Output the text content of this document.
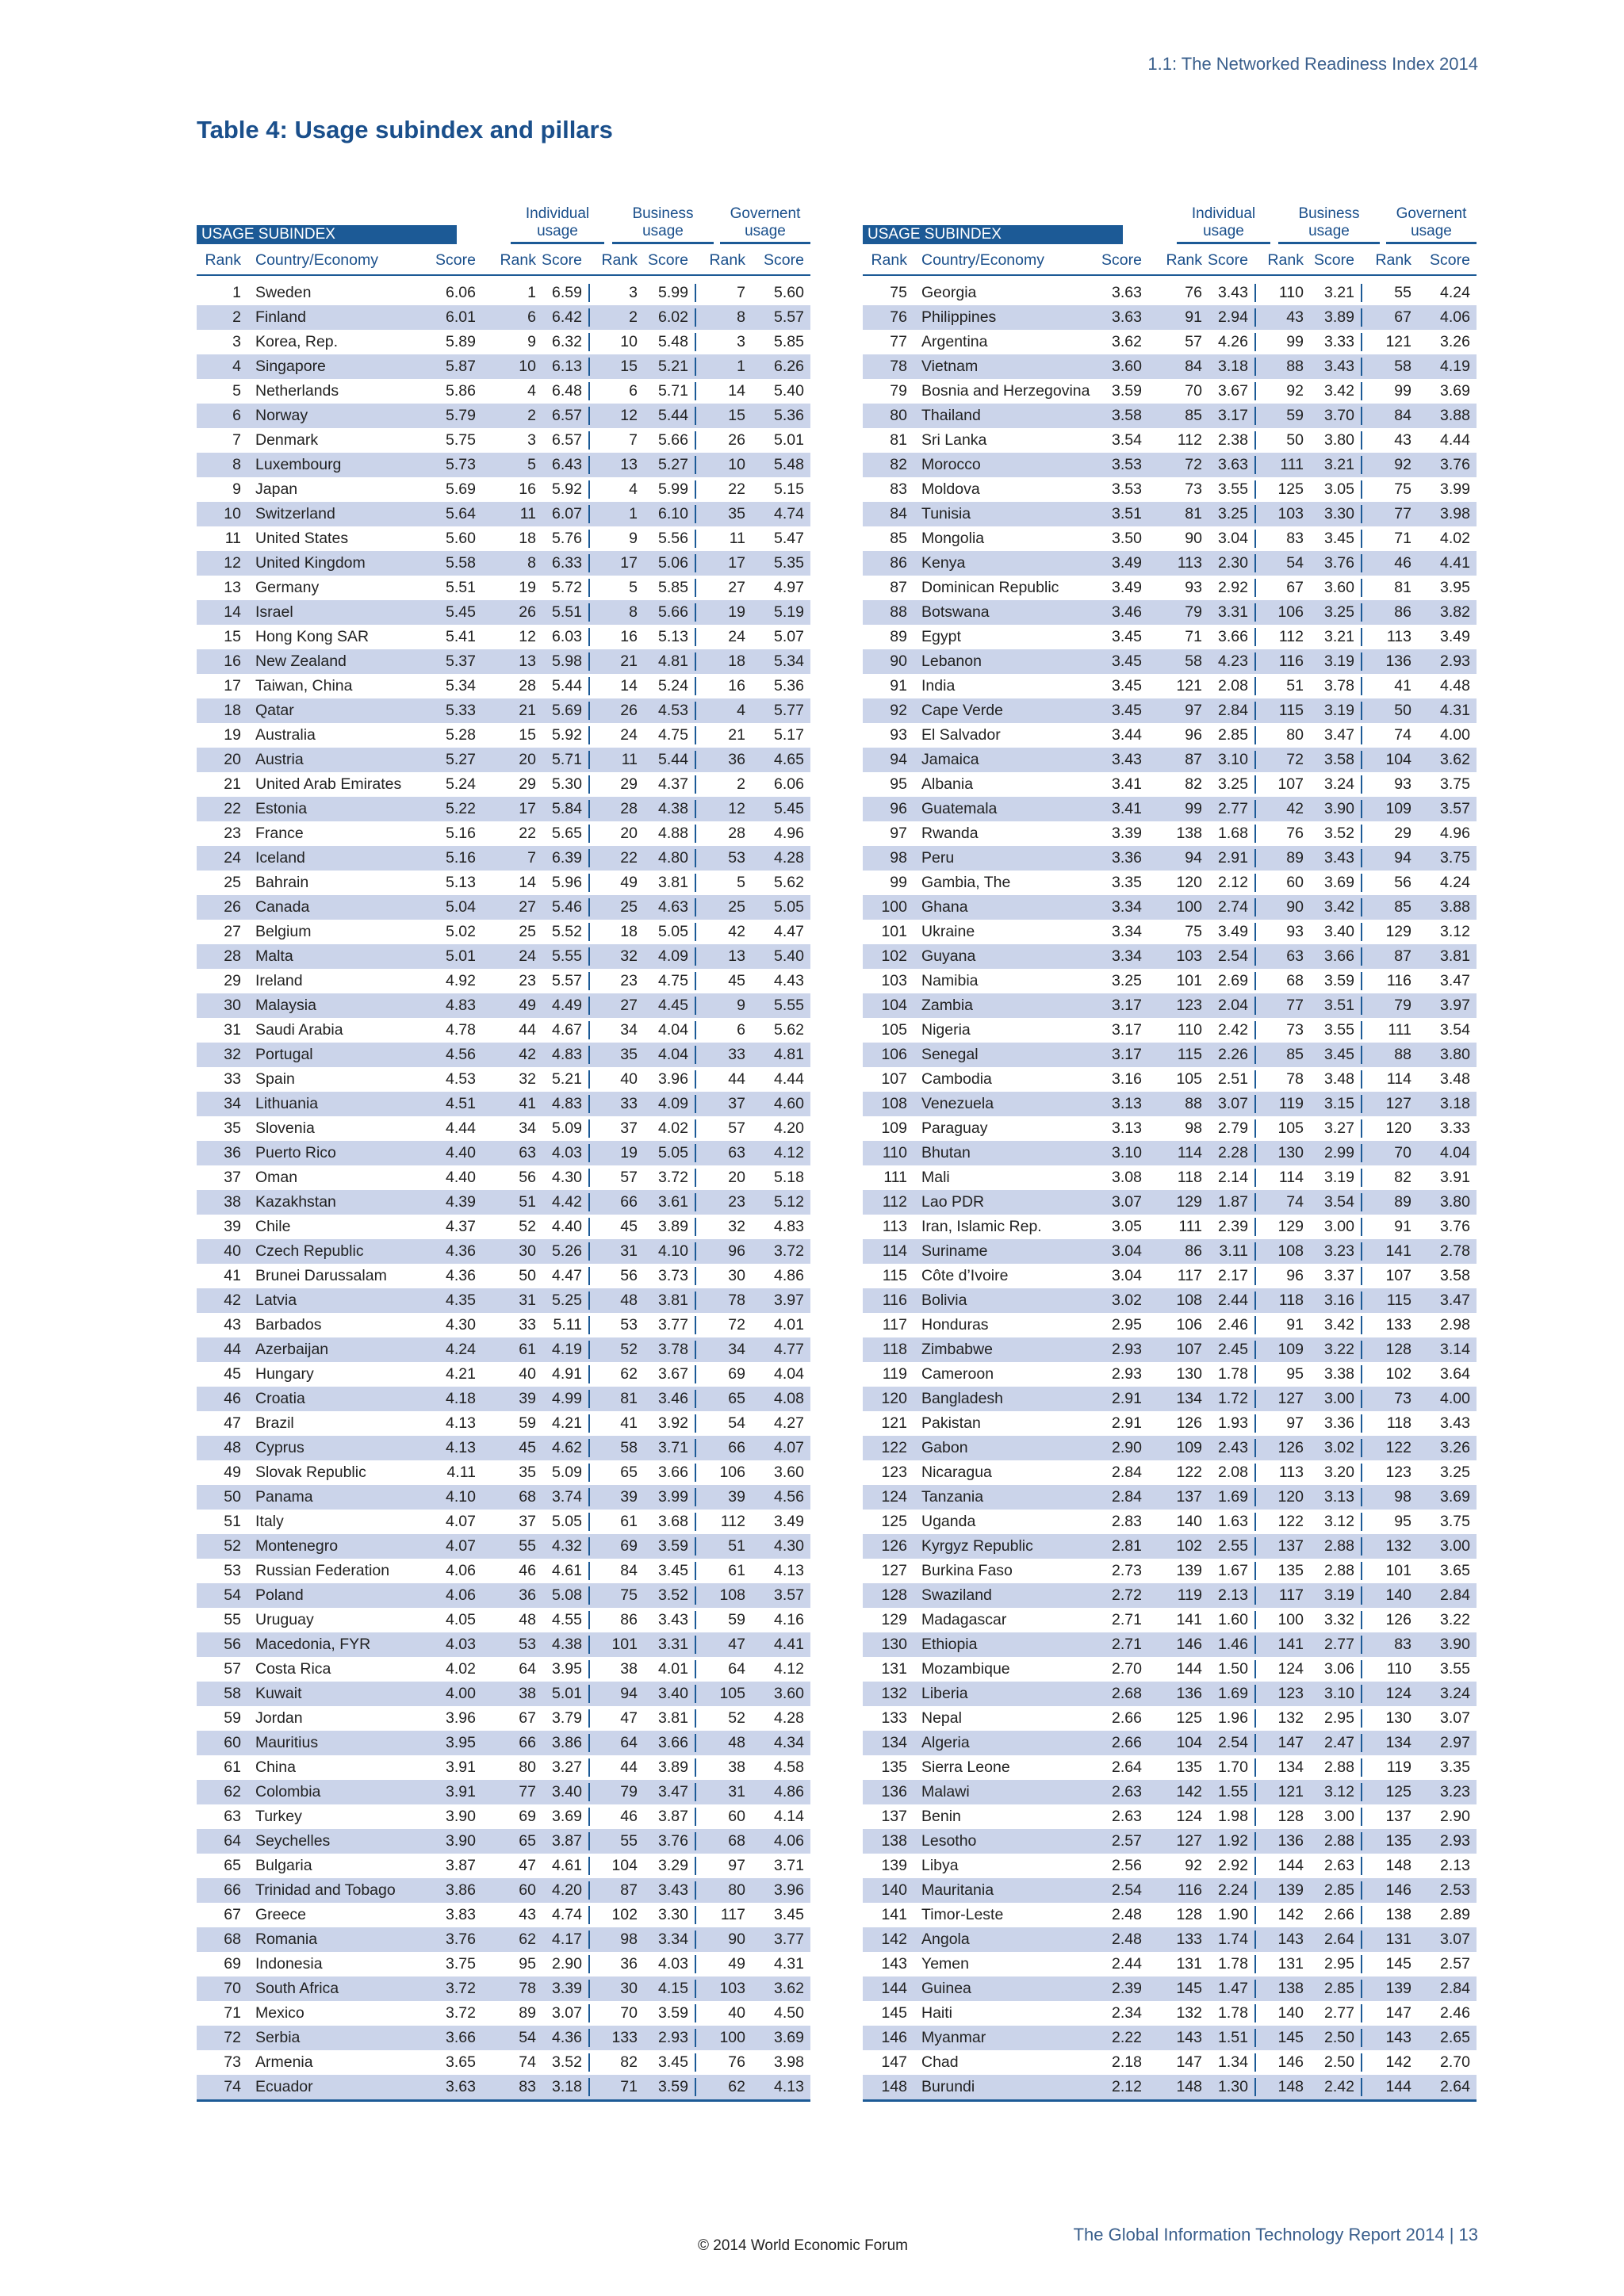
1.1: The Networked Readiness Index 2014
Table 4: Usage subindex and pillars
USAGE SUBINDEX
Individual usage
Business usage
Governent usage
Rank Country/Economy	Score	Rank Score	Rank Score	Rank	Score
1 Sweden	6.06	1	6.59	3	5.99	7	5.60
2 Finland	6.01	6	6.42	2	6.02	8	5.57
3 Korea, Rep.	5.89	9	6.32	10	5.48	3	5.85
4 Singapore	5.87	10	6.13	15	5.21	1	6.26
5 Netherlands	5.86	4	6.48	6	5.71	14	5.40
6 Norway	5.79	2	6.57	12	5.44	15	5.36
7 Denmark	5.75	3	6.57	7	5.66	26	5.01
8 Luxembourg	5.73	5	6.43	13	5.27	10	5.48
9 Japan	5.69	16	5.92	4	5.99	22	5.15
10 Switzerland	5.64	11	6.07	1	6.10	35	4.74
11 United States	5.60	18	5.76	9	5.56	11	5.47
12 United Kingdom	5.58	8	6.33	17	5.06	17	5.35
13 Germany	5.51	19	5.72	5	5.85	27	4.97
14 Israel	5.45	26	5.51	8	5.66	19	5.19
15 Hong Kong SAR	5.41	12	6.03	16	5.13	24	5.07
16 New Zealand	5.37	13	5.98	21	4.81	18	5.34
17 Taiwan, China	5.34	28	5.44	14	5.24	16	5.36
18 Qatar	5.33	21	5.69	26	4.53	4	5.77
19 Australia	5.28	15	5.92	24	4.75	21	5.17
20 Austria	5.27	20	5.71	11	5.44	36	4.65
21 United Arab Emirates	5.24	29	5.30	29	4.37	2	6.06
22 Estonia	5.22	17	5.84	28	4.38	12	5.45
23 France	5.16	22	5.65	20	4.88	28	4.96
24 Iceland	5.16	7	6.39	22	4.80	53	4.28
25 Bahrain	5.13	14	5.96	49	3.81	5	5.62
26 Canada	5.04	27	5.46	25	4.63	25	5.05
27 Belgium	5.02	25	5.52	18	5.05	42	4.47
28 Malta	5.01	24	5.55	32	4.09	13	5.40
29 Ireland	4.92	23	5.57	23	4.75	45	4.43
30 Malaysia	4.83	49	4.49	27	4.45	9	5.55
31 Saudi Arabia	4.78	44	4.67	34	4.04	6	5.62
32 Portugal	4.56	42	4.83	35	4.04	33	4.81
33 Spain	4.53	32	5.21	40	3.96	44	4.44
34 Lithuania	4.51	41	4.83	33	4.09	37	4.60
35 Slovenia	4.44	34	5.09	37	4.02	57	4.20
36 Puerto Rico	4.40	63	4.03	19	5.05	63	4.12
37 Oman	4.40	56	4.30	57	3.72	20	5.18
38 Kazakhstan	4.39	51	4.42	66	3.61	23	5.12
39 Chile	4.37	52	4.40	45	3.89	32	4.83
40 Czech Republic	4.36	30	5.26	31	4.10	96	3.72
41 Brunei Darussalam	4.36	50	4.47	56	3.73	30	4.86
42 Latvia	4.35	31	5.25	48	3.81	78	3.97
43 Barbados	4.30	33	5.11	53	3.77	72	4.01
44 Azerbaijan	4.24	61	4.19	52	3.78	34	4.77
45 Hungary	4.21	40	4.91	62	3.67	69	4.04
46 Croatia	4.18	39	4.99	81	3.46	65	4.08
47 Brazil	4.13	59	4.21	41	3.92	54	4.27
48 Cyprus	4.13	45	4.62	58	3.71	66	4.07
49 Slovak Republic	4.11	35	5.09	65	3.66	106	3.60
50 Panama	4.10	68	3.74	39	3.99	39	4.56
51 Italy	4.07	37	5.05	61	3.68	112	3.49
52 Montenegro	4.07	55	4.32	69	3.59	51	4.30
53 Russian Federation	4.06	46	4.61	84	3.45	61	4.13
54 Poland	4.06	36	5.08	75	3.52	108	3.57
55 Uruguay	4.05	48	4.55	86	3.43	59	4.16
56 Macedonia, FYR	4.03	53	4.38	101	3.31	47	4.41
57 Costa Rica	4.02	64	3.95	38	4.01	64	4.12
58 Kuwait	4.00	38	5.01	94	3.40	105	3.60
59 Jordan	3.96	67	3.79	47	3.81	52	4.28
60 Mauritius	3.95	66	3.86	64	3.66	48	4.34
61 China	3.91	80	3.27	44	3.89	38	4.58
62 Colombia	3.91	77	3.40	79	3.47	31	4.86
63 Turkey	3.90	69	3.69	46	3.87	60	4.14
64 Seychelles	3.90	65	3.87	55	3.76	68	4.06
65 Bulgaria	3.87	47	4.61	104	3.29	97	3.71
66 Trinidad and Tobago	3.86	60	4.20	87	3.43	80	3.96
67 Greece	3.83	43	4.74	102	3.30	117	3.45
68 Romania	3.76	62	4.17	98	3.34	90	3.77
69 Indonesia	3.75	95	2.90	36	4.03	49	4.31
70 South Africa	3.72	78	3.39	30	4.15	103	3.62
71 Mexico	3.72	89	3.07	70	3.59	40	4.50
72 Serbia	3.66	54	4.36	133	2.93	100	3.69
73 Armenia	3.65	74	3.52	82	3.45	76	3.98
74 Ecuador	3.63	83	3.18	71	3.59	62	4.13
USAGE SUBINDEX
Individual usage
Business usage
Governent usage
Rank Country/Economy	Score	Rank Score	Rank Score	Rank	Score
75 Georgia	3.63	76	3.43	110	3.21	55	4.24
76 Philippines	3.63	91	2.94	43	3.89	67	4.06
77 Argentina	3.62	57	4.26	99	3.33	121	3.26
78 Vietnam	3.60	84	3.18	88	3.43	58	4.19
79 Bosnia and Herzegovina	3.59	70	3.67	92	3.42	99	3.69
80 Thailand	3.58	85	3.17	59	3.70	84	3.88
81 Sri Lanka	3.54	112	2.38	50	3.80	43	4.44
82 Morocco	3.53	72	3.63	111	3.21	92	3.76
83 Moldova	3.53	73	3.55	125	3.05	75	3.99
84 Tunisia	3.51	81	3.25	103	3.30	77	3.98
85 Mongolia	3.50	90	3.04	83	3.45	71	4.02
86 Kenya	3.49	113	2.30	54	3.76	46	4.41
87 Dominican Republic	3.49	93	2.92	67	3.60	81	3.95
88 Botswana	3.46	79	3.31	106	3.25	86	3.82
89 Egypt	3.45	71	3.66	112	3.21	113	3.49
90 Lebanon	3.45	58	4.23	116	3.19	136	2.93
91 India	3.45	121	2.08	51	3.78	41	4.48
92 Cape Verde	3.45	97	2.84	115	3.19	50	4.31
93 El Salvador	3.44	96	2.85	80	3.47	74	4.00
94 Jamaica	3.43	87	3.10	72	3.58	104	3.62
95 Albania	3.41	82	3.25	107	3.24	93	3.75
96 Guatemala	3.41	99	2.77	42	3.90	109	3.57
97 Rwanda	3.39	138	1.68	76	3.52	29	4.96
98 Peru	3.36	94	2.91	89	3.43	94	3.75
99 Gambia, The	3.35	120	2.12	60	3.69	56	4.24
100 Ghana	3.34	100	2.74	90	3.42	85	3.88
101 Ukraine	3.34	75	3.49	93	3.40	129	3.12
102 Guyana	3.34	103	2.54	63	3.66	87	3.81
103 Namibia	3.25	101	2.69	68	3.59	116	3.47
104 Zambia	3.17	123	2.04	77	3.51	79	3.97
105 Nigeria	3.17	110	2.42	73	3.55	111	3.54
106 Senegal	3.17	115	2.26	85	3.45	88	3.80
107 Cambodia	3.16	105	2.51	78	3.48	114	3.48
108 Venezuela	3.13	88	3.07	119	3.15	127	3.18
109 Paraguay	3.13	98	2.79	105	3.27	120	3.33
110 Bhutan	3.10	114	2.28	130	2.99	70	4.04
111 Mali	3.08	118	2.14	114	3.19	82	3.91
112 Lao PDR	3.07	129	1.87	74	3.54	89	3.80
113 Iran, Islamic Rep.	3.05	111	2.39	129	3.00	91	3.76
114 Suriname	3.04	86	3.11	108	3.23	141	2.78
115 Côte d’Ivoire	3.04	117	2.17	96	3.37	107	3.58
116 Bolivia	3.02	108	2.44	118	3.16	115	3.47
117 Honduras	2.95	106	2.46	91	3.42	133	2.98
118 Zimbabwe	2.93	107	2.45	109	3.22	128	3.14
119 Cameroon	2.93	130	1.78	95	3.38	102	3.64
120 Bangladesh	2.91	134	1.72	127	3.00	73	4.00
121 Pakistan	2.91	126	1.93	97	3.36	118	3.43
122 Gabon	2.90	109	2.43	126	3.02	122	3.26
123 Nicaragua	2.84	122	2.08	113	3.20	123	3.25
124 Tanzania	2.84	137	1.69	120	3.13	98	3.69
125 Uganda	2.83	140	1.63	122	3.12	95	3.75
126 Kyrgyz Republic	2.81	102	2.55	137	2.88	132	3.00
127 Burkina Faso	2.73	139	1.67	135	2.88	101	3.65
128 Swaziland	2.72	119	2.13	117	3.19	140	2.84
129 Madagascar	2.71	141	1.60	100	3.32	126	3.22
130 Ethiopia	2.71	146	1.46	141	2.77	83	3.90
131 Mozambique	2.70	144	1.50	124	3.06	110	3.55
132 Liberia	2.68	136	1.69	123	3.10	124	3.24
133 Nepal	2.66	125	1.96	132	2.95	130	3.07
134 Algeria	2.66	104	2.54	147	2.47	134	2.97
135 Sierra Leone	2.64	135	1.70	134	2.88	119	3.35
136 Malawi	2.63	142	1.55	121	3.12	125	3.23
137 Benin	2.63	124	1.98	128	3.00	137	2.90
138 Lesotho	2.57	127	1.92	136	2.88	135	2.93
139 Libya	2.56	92	2.92	144	2.63	148	2.13
140 Mauritania	2.54	116	2.24	139	2.85	146	2.53
141 Timor-Leste	2.48	128	1.90	142	2.66	138	2.89
142 Angola	2.48	133	1.74	143	2.64	131	3.07
143 Yemen	2.44	131	1.78	131	2.95	145	2.57
144 Guinea	2.39	145	1.47	138	2.85	139	2.84
145 Haiti	2.34	132	1.78	140	2.77	147	2.46
146 Myanmar	2.22	143	1.51	145	2.50	143	2.65
147 Chad	2.18	147	1.34	146	2.50	142	2.70
148 Burundi	2.12	148	1.30	148	2.42	144	2.64
The Global Information Technology Report 2014 | 13
© 2014 World Economic Forum
